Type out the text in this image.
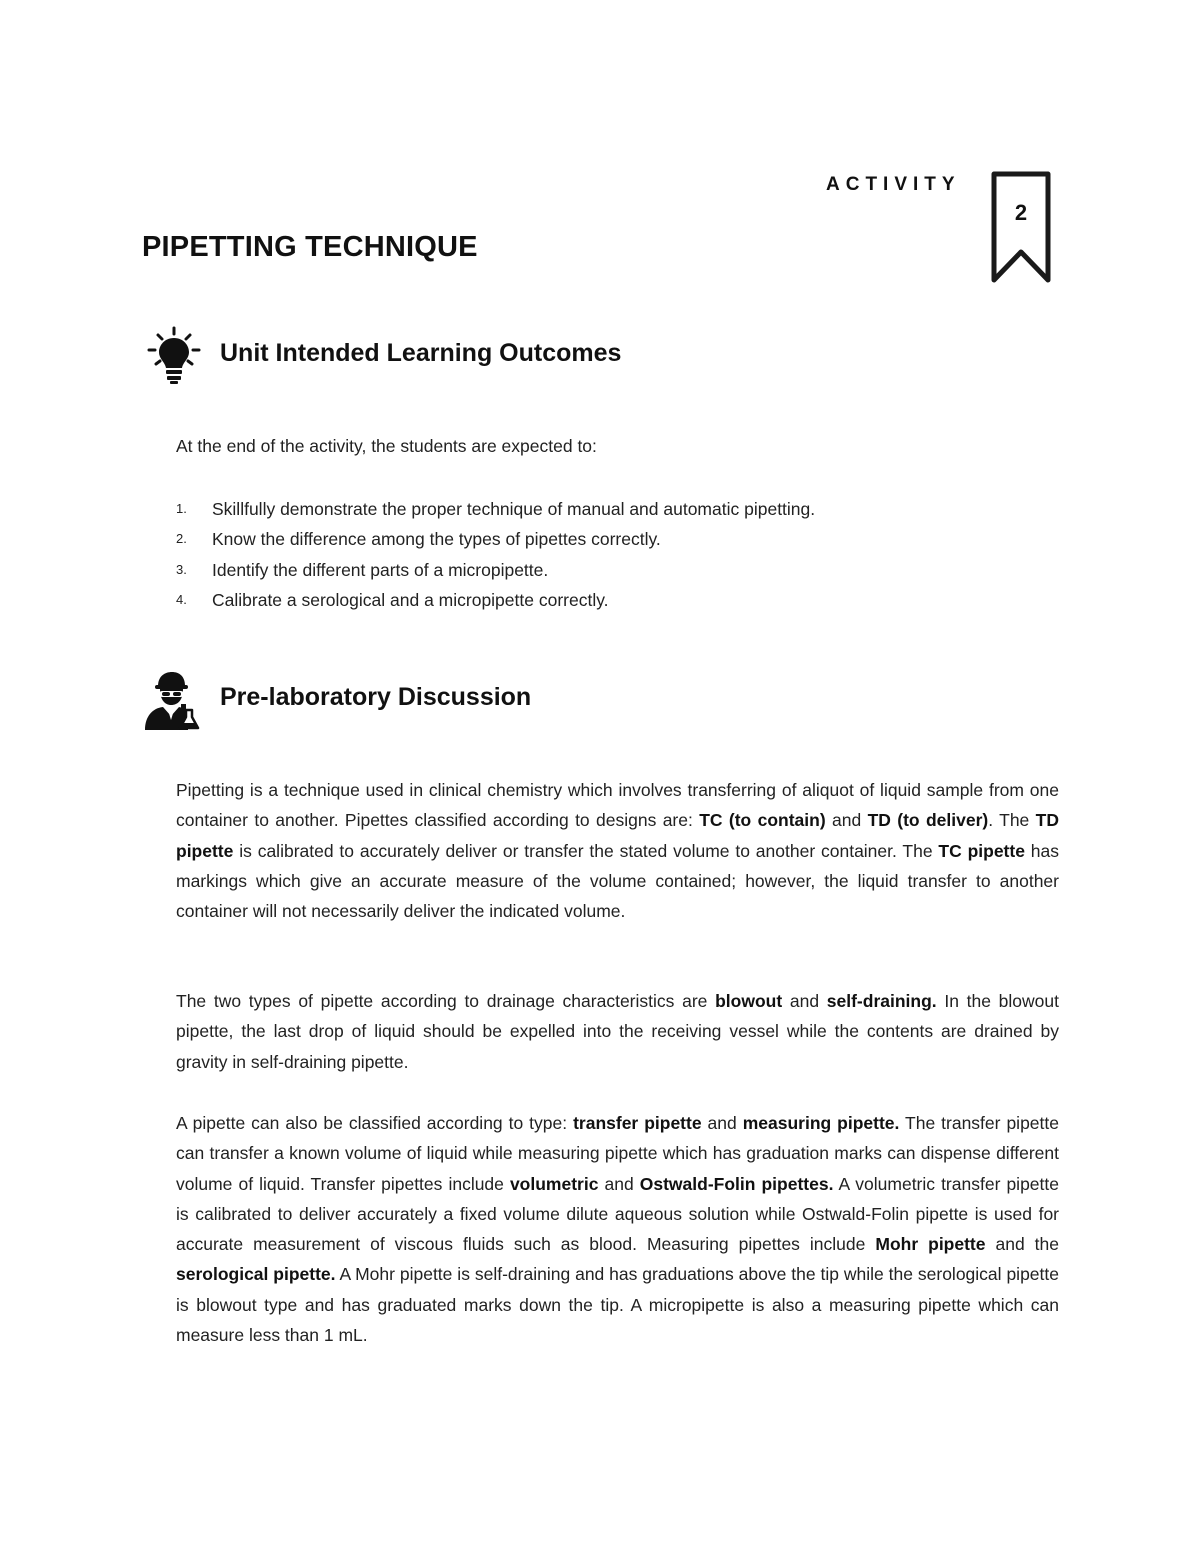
ACTIVITY
2
PIPETTING TECHNIQUE
Unit Intended Learning Outcomes

At the end of the activity, the students are expected to:

1. Skillfully demonstrate the proper technique of manual and automatic pipetting.
2. Know the difference among the types of pipettes correctly.
3. Identify the different parts of a micropipette.
4. Calibrate a serological and a micropipette correctly.
Pre-laboratory Discussion

Pipetting is a technique used in clinical chemistry which involves transferring of aliquot of liquid sample from one container to another. Pipettes classified according to designs are: TC (to contain) and TD (to deliver). The TD pipette is calibrated to accurately deliver or transfer the stated volume to another container. The TC pipette has markings which give an accurate measure of the volume contained; however, the liquid transfer to another container will not necessarily deliver the indicated volume.

The two types of pipette according to drainage characteristics are blowout and self-draining. In the blowout pipette, the last drop of liquid should be expelled into the receiving vessel while the contents are drained by gravity in self-draining pipette.

A pipette can also be classified according to type: transfer pipette and measuring pipette. The transfer pipette can transfer a known volume of liquid while measuring pipette which has graduation marks can dispense different volume of liquid. Transfer pipettes include volumetric and Ostwald-Folin pipettes. A volumetric transfer pipette is calibrated to deliver accurately a fixed volume dilute aqueous solution while Ostwald-Folin pipette is used for accurate measurement of viscous fluids such as blood. Measuring pipettes include Mohr pipette and the serological pipette. A Mohr pipette is self-draining and has graduations above the tip while the serological pipette is blowout type and has graduated marks down the tip. A micropipette is also a measuring pipette which can measure less than 1 mL.
